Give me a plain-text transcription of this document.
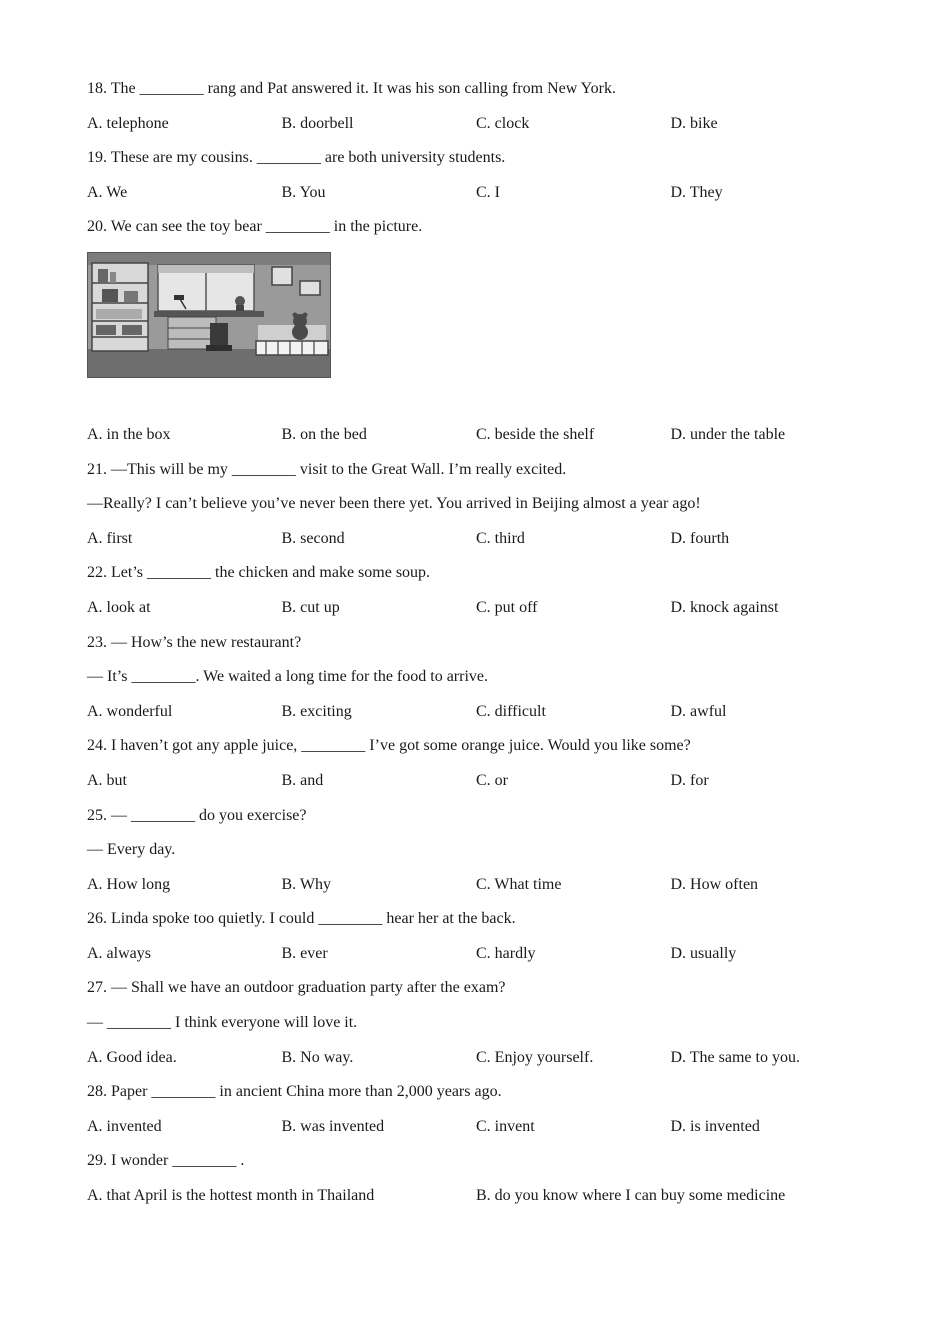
18. The ________ rang and Pat answered it. It was his son calling from New York.
A. telephone	B. doorbell	C. clock	D. bike
19. These are my cousins. ________ are both university students.
A. We	B. You	C. I	D. They
20. We can see the toy bear ________ in the picture.
A. in the box	B. on the bed	C. beside the shelf	D. under the table
21. —This will be my ________ visit to the Great Wall. I’m really excited.
—Really? I can’t believe you’ve never been there yet. You arrived in Beijing almost a year ago!
A. first	B. second	C. third	D. fourth
22. Let’s ________ the chicken and make some soup.
A. look at	B. cut up	C. put off	D. knock against
23. — How’s the new restaurant?
— It’s ________. We waited a long time for the food to arrive.
A. wonderful	B. exciting	C. difficult	D. awful
24. I haven’t got any apple juice, ________ I’ve got some orange juice. Would you like some?
A. but	B. and	C. or	D. for
25. — ________ do you exercise?
— Every day.
A. How long	B. Why	C. What time	D. How often
26. Linda spoke too quietly. I could ________ hear her at the back.
A. always	B. ever	C. hardly	D. usually
27. — Shall we have an outdoor graduation party after the exam?
— ________ I think everyone will love it.
A. Good idea.	B. No way.	C. Enjoy yourself.	D. The same to you.
28. Paper ________ in ancient China more than 2,000 years ago.
A. invented	B. was invented	C. invent	D. is invented
29. I wonder ________ .
A. that April is the hottest month in Thailand	B. do you know where I can buy some medicine
